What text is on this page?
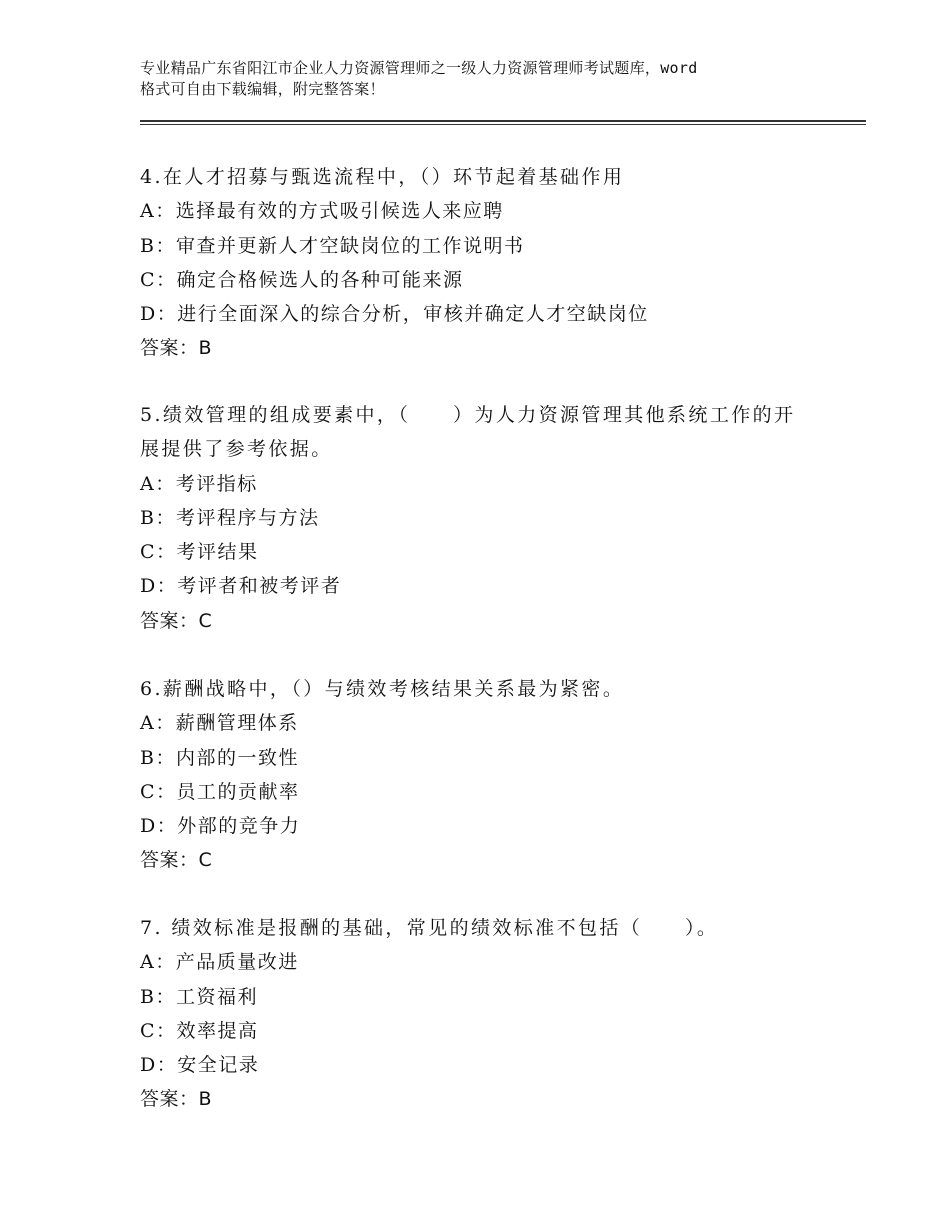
专业精品广东省阳江市企业人力资源管理师之一级人力资源管理师考试题库，word
格式可自由下载编辑，附完整答案！
4.在人才招募与甄选流程中，（）环节起着基础作用
A：选择最有效的方式吸引候选人来应聘
B：审查并更新人才空缺岗位的工作说明书
C：确定合格候选人的各种可能来源
D：进行全面深入的综合分析，审核并确定人才空缺岗位
答案：B
5.绩效管理的组成要素中，（　　）为人力资源管理其他系统工作的开
展提供了参考依据。
A：考评指标
B：考评程序与方法
C：考评结果
D：考评者和被考评者
答案：C
6.薪酬战略中，（）与绩效考核结果关系最为紧密。
A：薪酬管理体系
B：内部的一致性
C：员工的贡献率
D：外部的竞争力
答案：C
7. 绩效标准是报酬的基础，常见的绩效标准不包括（　　）。
A：产品质量改进
B：工资福利
C：效率提高
D：安全记录
答案：B
